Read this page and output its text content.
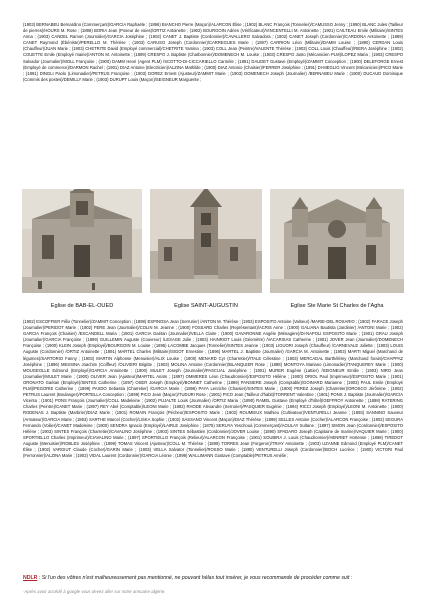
(1903) BERNABEU Bernardino (Commerçant)/GARCIA Raphaële ; (1896) BIANCHO Pierre (Maçon)/ALARCON Élise ; (1902) BLANC François (Tonnelier)/CAMUSSO Jenny ; (1890) BLANC Jules (Tailleur de pierres)/HOURS M. Rose ; (1898) BORIA Jean (Poseur de voies)/ORTIZ Antoinette ; (1902) BOURGOIN Adrien (Vérificateur)/VINCENTELLI M. Antoinette ; (1901) CAILTEAU Emile (Militaire)/SINTES Anna ; (1903) CANDEL Ramon (Journalier)/GARCIA Joséphine ; (1902) CANET J. Baptiste (Cordonnier)/CAVALLERO Salvadora ; (1902) CANET Joseph (Cordonnier)/CARDONA Antoinette ; (1889) CANET Raymond (Ébéniste)/PERELLO M. Thérèse ; (1903) CARUSO Joseph (Cordonnier)/CARREGUES Marie ; (1897) CARRION Léon (Militaire)/DAMM Louise ; (1890) CERDAN Louis (Chauffeur)/JUAN Marie ; (1903) CHETRITE David (Employé commercial)/CHETRITE Yamina ; (1903) COLL Jean (Peintre)/VALENTE Thérèse ; (1903) COLL Louis (Chauffeur)/RIERA Joséphine ; (1902) COUETTE Emile (Employé mairie)/ANTON M. Antoinette ; (1899) CRESPO J. Baptiste (Charbonnier)/DOMENECH M. Louise ; (1903) CRESPO Justo (Mécanicien PLM)/LOPEZ Maria ; (1903) CRESPO Salvador (Journalier)/MOLL Françoise ; (1900) DAMM Henri (Agent PLM) /SCOTTO-DI-CICCARIELLO Carmèle ; (1891) DAUDET Gustave (Employé)/ZAMMIT Conception ; (1900) DELEFORGE Ernest (Employé de commerce)/DARMON Rachel ; (1901) DIAZ Antoine (Electricien)/ALZINA Mathilde ; (1900) DIAZ Antonio (Chaisier)/FERRER Joséphine ; (1891) DI-MEGLIO Vincent (Mécanicien)/PICO Marie ; (1891) DINGLI Paolo (Limonadier)/PETRUS Françoise ; (1903) DOREZ Ernest (Ajusteur)/ZAMMIT Marie ; (1903) DOMENECH Joseph (Journalier) /BERNABEU Marie ; (1900) DUCAUD Dominique (Commis des postes)/DEMILLY Marie ; (1903) DURUPT Louis (Maçon)/SEIGNEUR Marguerite ;

Eglise de BAB-EL-OUED	Eglise SAINT-AUGUSTIN	Eglise Ste Marie St Charles de l'Agha

(1902) ESCOFFIER Félix (Tonnelier)/ZAMMIT Conception ; (1898) ESPINOSA Jean (Serrurier) /ANTON M. Thérèse ; (1903) ESPOSITO Antoine (Valseur) /MARIE-DEL ROSARIO ; (1902) FARACE Joseph (Journalier)/PERIDOT Marie ; (1902) FERE Jean (Journalier)/COLIN M. Jeanne ; (1900) FOSSARD Charles (Représentant)/ACRIS Anne ; (1900) GALIANA Bautista (Jardinier) /ANTONI Marie ; (1902) GARCIA François (Chaisier) /ESCANDELL Maria ; (1901) GARCIA Gaétan (Journalier)/VELLA Claire ; (1900) GAVARONNE Angèle (Ménagère)/DI-NAPOLI ESPOSITO Marie ; (1901) GRAU Joseph (Journalier)/GARCIA Françoise ; (1899) GUILLEMIN Auguste (Couvreur) /LESAGE Julie ; (1903) HAINRIOT Louis (Géomètre) /VACARISAS Catherine ; (1901) JOVER Jean (Journalier)/DOMENECH Françoise ; (1900) KLEIN Joseph (Employé)/BOURGOIN M. Louise ; (1895) LACOMBE Jacques (Tonnelier)/SINTES Jeanne ; (1903) LIGUORI Joseph (Chauffeur) /CARNEVALE Juliette ; (1903) LOUIS Auguste (Cordonnier) /ORTIZ Antoinette ; (1891) MARTEL Charles (Militaire)/SIGOT Ernestine ; (1896) MARTEL J. Baptiste (Journalier) /GARCIA M. Antoinette ; (1903) MARTI Miguel (Marchand de légumes)/SARTORIO Fanny ; (1903) MARTIN Alphonse (Menuisier)/ALIX Louise ; (1900) MENARD Cyr (Charretier)/ITALE Célestine ; (1903) MERCADAL Barthélémy (Marchand forain)/CHAPPAZ Joséphine ; (1896) MESSINA Joachim (Coiffeur) /OLIVIERI Brigitte ; (1903) MOLINA Antoine (Cordonnier)/BLANQUIER Rose ; (1898) MONTOYA Mariano (Limonadier)/TANQUEREY Marie ; (1900) MOUGEOLLE Edmond (Employé)/GARCIA Antoinette ; (1900) MULET Joseph (Journalier)/PASCUAL Joséphine ; (1901) MURER Eugène (Lattier) /SEIGNEUR Emilie ; (1903) NIRO Jean (Journalier)/MULET Marie ; (1900) OLIVER Jean (Ajusteur)/MARTEL Anaïs ; (1897) OMMERES Léon (Chaudronnier)/ESPOSITO Hélène ; (1900) ORIOL Paul (Imprimeur)/ESPOSITO Marie ; (1901) ORONATO Gaétan (Employé)/SINTES Catherine ; (1897) OSER Joseph (Employé)/BONNET Catherine ; (1899) PANSIERE Joseph (Comptable)/GOINARD Marianne ; (1903) PAUL Emile (Employé PLM)/PEGORIE Catherine ; (1899) PAXDO Sebastia (Charretier) /GARCIA Marie ; (1896) PAYA Lenriche (Chaisier)/SINTES Marie ; (1900) PEREZ Joseph (Charretier)/OROSCO Jérônime ; (1902) PETRUS Laurent (Boulanger)/PORTELLA Conception ; (1899) PICO Jean (Maçon)/TUDURI Rose ; (1901) PICO Jean (Tailleur d'habit)/TORRENT Valentine ; (1901) PONS J. Baptiste (Journalier)/GARCIA Vicenta ; (1901) PONS François (Journalier)/COLL Madeleine ; (1902) PUJALTE Louis (Journalier) /ORTIZ Maria ; (1890) RAMEL Gustave (Employé d'hôtel)/GEFFROY Antoinette ; (1898) RATERING Charles (Peintre)/CANET Marie ; (1897) REY Abel (Comptable)/LEONI Marie ; (1892) RHODE Alexandre (Serrurier)/PASQUIER Eugénie ; (1894) RICCI Joseph (Employé)/LEONI M. Antoinette ; (1900) RODENAS J. Baptiste (Marbrier)/DIAZ Marie ; (1901) ROMAIN François (Pécheur)/ESPOSITO Marie ; (1902) ROUMIEUX Mathieu (Cultivateur)/VENTURELLI Jeanne ; (1893) SANNINO Sauveur (Armateur)/GARCIA Marie ; (1863) SARTHE Marcel (Cocher)/LISKA Sophie ; (1902) SASSANO Vincent (Maçon)/DIAZ Thérèse ; (1899) SELLES Antoine (Cocher)/ALARCON Françoise ; (1902) SEGURA Fernando (Voilier)/CANET Madeleine ; (1900) SENDRA Ignacio (Employé)/LAIRLE Joséphine ; (1875) SERUYA Yeschouà (Commerçant)/AOULAY Sultane ; (1897) SIMON Jean (Cordonnier)/ESPOSITO Hélène ; (1903) SINTES François (Charretier)/CAVALINO Joséphine ; (1903) SINTES Sébastien (Cordonnier)/JOVER Louise ; (1890) SPADARO Joseph (Capitaine de marine)/VAQUIER Marie ; (1900) SPORTIELLO Charles (Imprimeur)/CIAVALINO Marie ; (1897) SPORTIELLO François (Relieur)/ALARCON Françoise ; (1901) SOUBIRA J. Louis (Chaudronnier)/HENRIET Hortense ; (1898) TIREDOT Auguste (Menuisier)/ROBLES Joséphine ; (1899) TOMAS Vincent (Ajusteur)/COLL M. Thérèse ; (1899) TORRES Jean (Forgeron)/TRIAY Antoinette ; (1903) UZANNE Edmond (Employé PLM)/CANET Élise ; (1902) VARGIUT Claude (Cocher)/GARIN Marie ; (1903) VELLA Salvator (Tonnelier)/ROSSO Marie ; (1880) VENTURELLI Joseph (Cordonnier)/BOCH Lucrèce ; (1900) VICTORI Paul (Ferronnier)/ALZINA Marie ; (1902) VIDAL Laurent (Cordonnier)/GARCIA Léonie ; (1899) WALLIMANN Gustave (Comptable)/PETRUS Amélie ;

NDLR : Si l'un des vôtres n'est malheureusement pas mentionné, ne pouvant hélas tout insérer, je vous recommande de procéder comme suit :

-Après avoir accédé à google vous devez aller sur notre annuaire algérie.
